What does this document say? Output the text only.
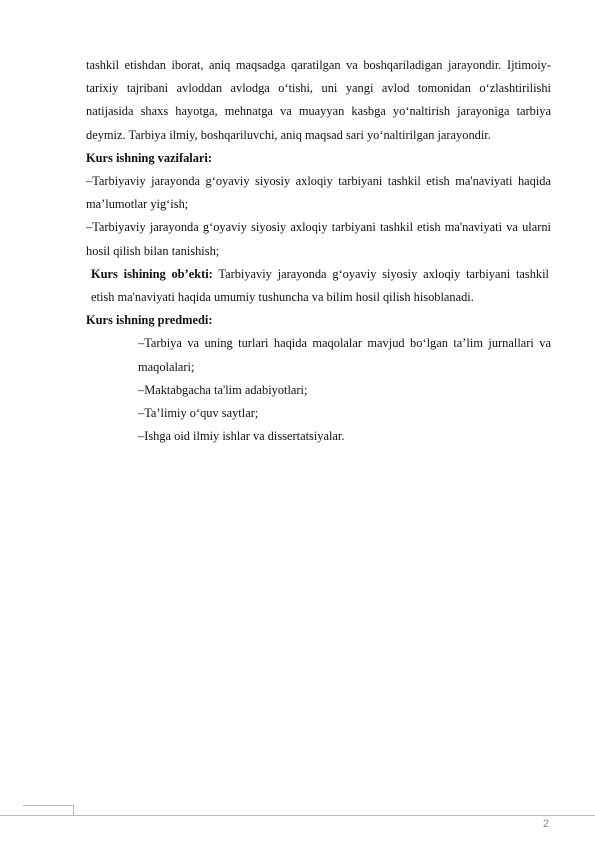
tashkil etishdan iborat, aniq maqsadga qaratilgan va boshqariladigan jarayondir. Ijtimoiy-tarixiy tajribani avloddan avlodga o‘tishi, uni yangi avlod tomonidan o‘zlashtirilishi natijasida shaxs hayotga, mehnatga va muayyan kasbga yo‘naltirish jarayoniga tarbiya deymiz. Tarbiya ilmiy, boshqariluvchi, aniq maqsad sari yo‘naltirilgan jarayondir.

Kurs ishning vazifalari:

–Tarbiyaviy jarayonda g‘oyaviy siyosiy axloqiy tarbiyani tashkil etish ma'naviyati haqida ma’lumotlar yig‘ish;

–Tarbiyaviy jarayonda g‘oyaviy siyosiy axloqiy tarbiyani tashkil etish ma'naviyati va ularni hosil qilish bilan tanishish;

Kurs ishining ob’ekti: Tarbiyaviy jarayonda g‘oyaviy siyosiy axloqiy tarbiyani tashkil etish ma'naviyati haqida umumiy tushuncha va bilim hosil qilish hisoblanadi.

Kurs ishning predmedi:

–Tarbiya va uning turlari haqida maqolalar mavjud bo‘lgan ta’lim jurnallari va maqolalari;

–Maktabgacha ta'lim adabiyotlari;

–Ta’limiy o‘quv saytlar;

–Ishga oid ilmiy ishlar va dissertatsiyalar.

2
